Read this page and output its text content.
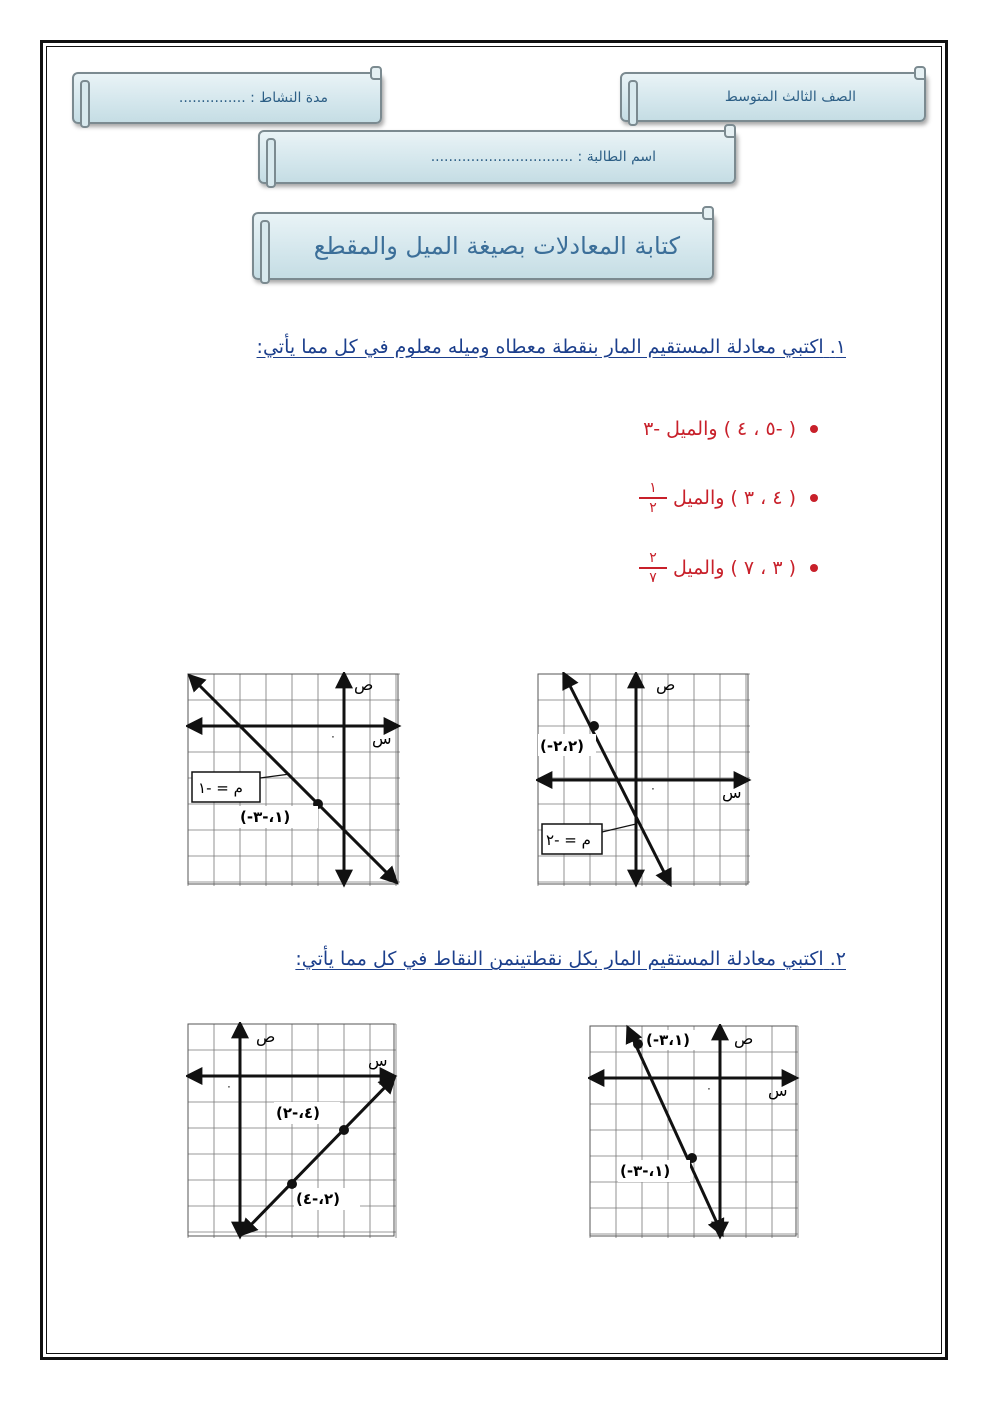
الصف الثالث المتوسط
مدة النشاط : ...............
اسم الطالبة : ................................
كتابة المعادلات بصيغة الميل والمقطع
١. اكتبي معادلة المستقيم المار بنقطة معطاه وميله معلوم في كل مما يأتي:
( -٥ ، ٤ ) والميل -٣
( ٤ ، ٣ ) والميل
$\frac{١}{٢}$
( ٣ ، ٧ ) والميل
$\frac{٢}{٧}$
ص
س
٠
(-٢،٢)
م = -٢
ص
س
٠
م = -١
(-١،-٣)
٢. اكتبي معادلة المستقيم المار بكل نقطتينمن النقاط في كل مما يأتي:
ص
س
٠
(-٣،١)
(-١،-٣)
ص
س
٠
(٤،-٢)
(٢،-٤)
